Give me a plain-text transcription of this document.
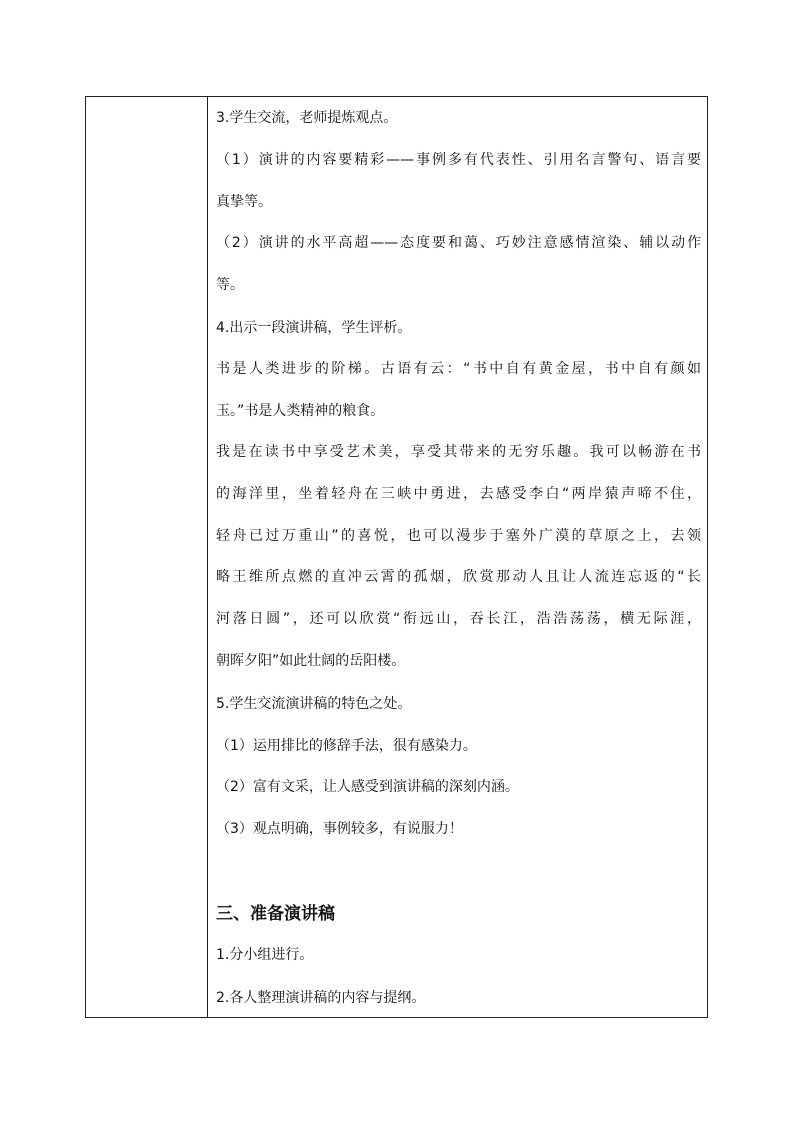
3.学生交流，老师提炼观点。
（1）演讲的内容要精彩——事例多有代表性、引用名言警句、语言要
真挚等。
（2）演讲的水平高超——态度要和蔼、巧妙注意感情渲染、辅以动作
等。
4.出示一段演讲稿，学生评析。
书是人类进步的阶梯。古语有云：“书中自有黄金屋，书中自有颜如
玉。”书是人类精神的粮食。
我是在读书中享受艺术美，享受其带来的无穷乐趣。我可以畅游在书
的海洋里，坐着轻舟在三峡中勇进，去感受李白“两岸猿声啼不住，
轻舟已过万重山”的喜悦，也可以漫步于塞外广漠的草原之上，去领
略王维所点燃的直冲云霄的孤烟，欣赏那动人且让人流连忘返的“长
河落日圆”，还可以欣赏“衔远山，吞长江，浩浩荡荡，横无际涯，
朝晖夕阳”如此壮阔的岳阳楼。
5.学生交流演讲稿的特色之处。
（1）运用排比的修辞手法，很有感染力。
（2）富有文采，让人感受到演讲稿的深刻内涵。
（3）观点明确，事例较多，有说服力！
三、准备演讲稿
1.分小组进行。
2.各人整理演讲稿的内容与提纲。
